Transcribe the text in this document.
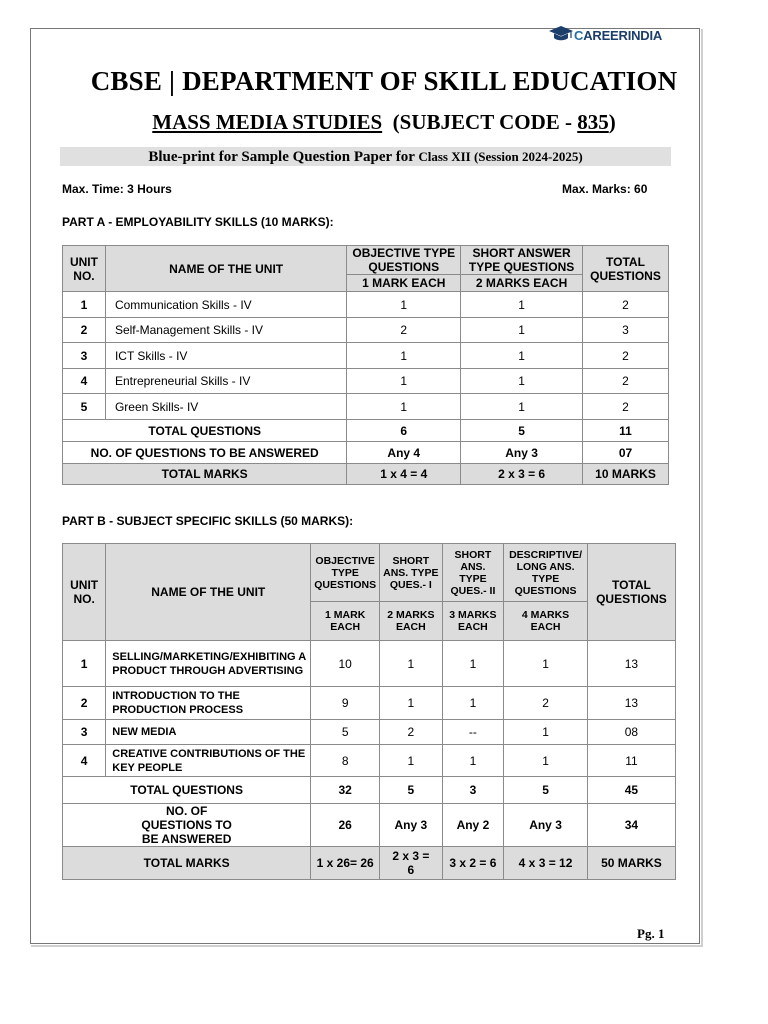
CAREERINDIA
CBSE | DEPARTMENT OF SKILL EDUCATION
MASS MEDIA STUDIES (SUBJECT CODE - 835)
Blue-print for Sample Question Paper for Class XII (Session 2024-2025)
Max. Time: 3 Hours	Max. Marks: 60
PART A - EMPLOYABILITY SKILLS (10 MARKS):
UNIT NO.	NAME OF THE UNIT	OBJECTIVE TYPE QUESTIONS	SHORT ANSWER TYPE QUESTIONS	TOTAL QUESTIONS
		1 MARK EACH	2 MARKS EACH	
1	Communication Skills - IV	1	1	2
2	Self-Management Skills - IV	2	1	3
3	ICT Skills - IV	1	1	2
4	Entrepreneurial Skills - IV	1	1	2
5	Green Skills- IV	1	1	2
TOTAL QUESTIONS		6	5	11
NO. OF QUESTIONS TO BE ANSWERED		Any 4	Any 3	07
TOTAL MARKS		1 x 4 = 4	2 x 3 = 6	10 MARKS
PART B - SUBJECT SPECIFIC SKILLS (50 MARKS):
UNIT NO.	NAME OF THE UNIT	OBJECTIVE TYPE QUESTIONS	SHORT ANS. TYPE QUES.- I	SHORT ANS. TYPE QUES.- II	DESCRIPTIVE/ LONG ANS. TYPE QUESTIONS	TOTAL QUESTIONS
		1 MARK EACH	2 MARKS EACH	3 MARKS EACH	4 MARKS EACH	
1	SELLING/MARKETING/EXHIBITING A PRODUCT THROUGH ADVERTISING	10	1	1	1	13
2	INTRODUCTION TO THE PRODUCTION PROCESS	9	1	1	2	13
3	NEW MEDIA	5	2	--	1	08
4	CREATIVE CONTRIBUTIONS OF THE KEY PEOPLE	8	1	1	1	11
TOTAL QUESTIONS		32	5	3	5	45
NO. OF QUESTIONS TO BE ANSWERED		26	Any 3	Any 2	Any 3	34
TOTAL MARKS		1 x 26= 26	2 x 3 = 6	3 x 2 = 6	4 x 3 = 12	50 MARKS
Pg. 1
